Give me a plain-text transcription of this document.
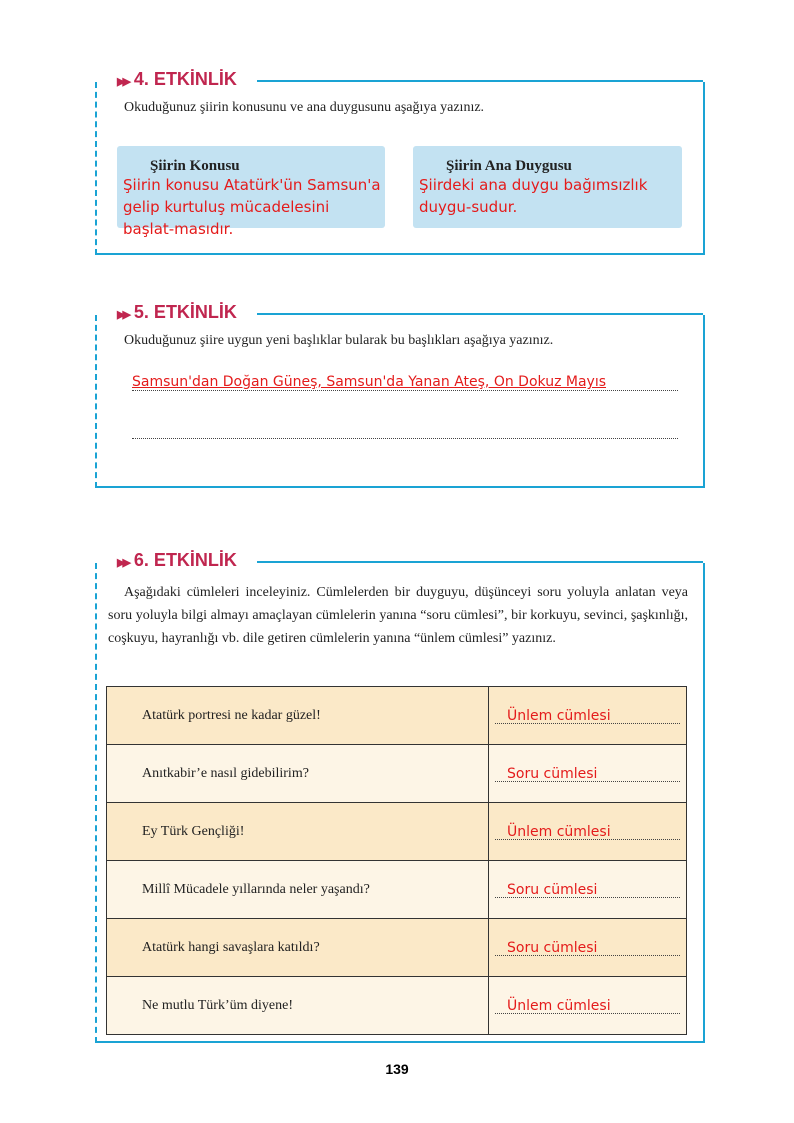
▶▶ 4. ETKİNLİK
Okuduğunuz şiirin konusunu ve ana duygusunu aşağıya yazınız.
Şiirin Konusu
Şiirin konusu Atatürk'ün Samsun'a gelip kurtuluş mücadelesini başlat-masıdır.
Şiirin Ana Duygusu
Şiirdeki ana duygu bağımsızlık duygu-sudur.
▶▶ 5. ETKİNLİK
Okuduğunuz şiire uygun yeni başlıklar bularak bu başlıkları aşağıya yazınız.
Samsun'dan Doğan Güneş, Samsun'da Yanan Ateş, On Dokuz Mayıs
▶▶ 6. ETKİNLİK
Aşağıdaki cümleleri inceleyiniz. Cümlelerden bir duyguyu, düşünceyi soru yoluyla anlatan veya soru yoluyla bilgi almayı amaçlayan cümlelerin yanına “soru cümlesi”, bir korkuyu, sevinci, şaşkınlığı, coşkuyu, hayranlığı vb. dile getiren cümlelerin yanına “ünlem cümlesi” yazınız.
Atatürk portresi ne kadar güzel!	Ünlem cümlesi

Anıtkabir’e nasıl gidebilirim?	Soru cümlesi

Ey Türk Gençliği!	Ünlem cümlesi

Millî Mücadele yıllarında neler yaşandı?	Soru cümlesi

Atatürk hangi savaşlara katıldı?	Soru cümlesi

Ne mutlu Türk’üm diyene!	Ünlem cümlesi
139
